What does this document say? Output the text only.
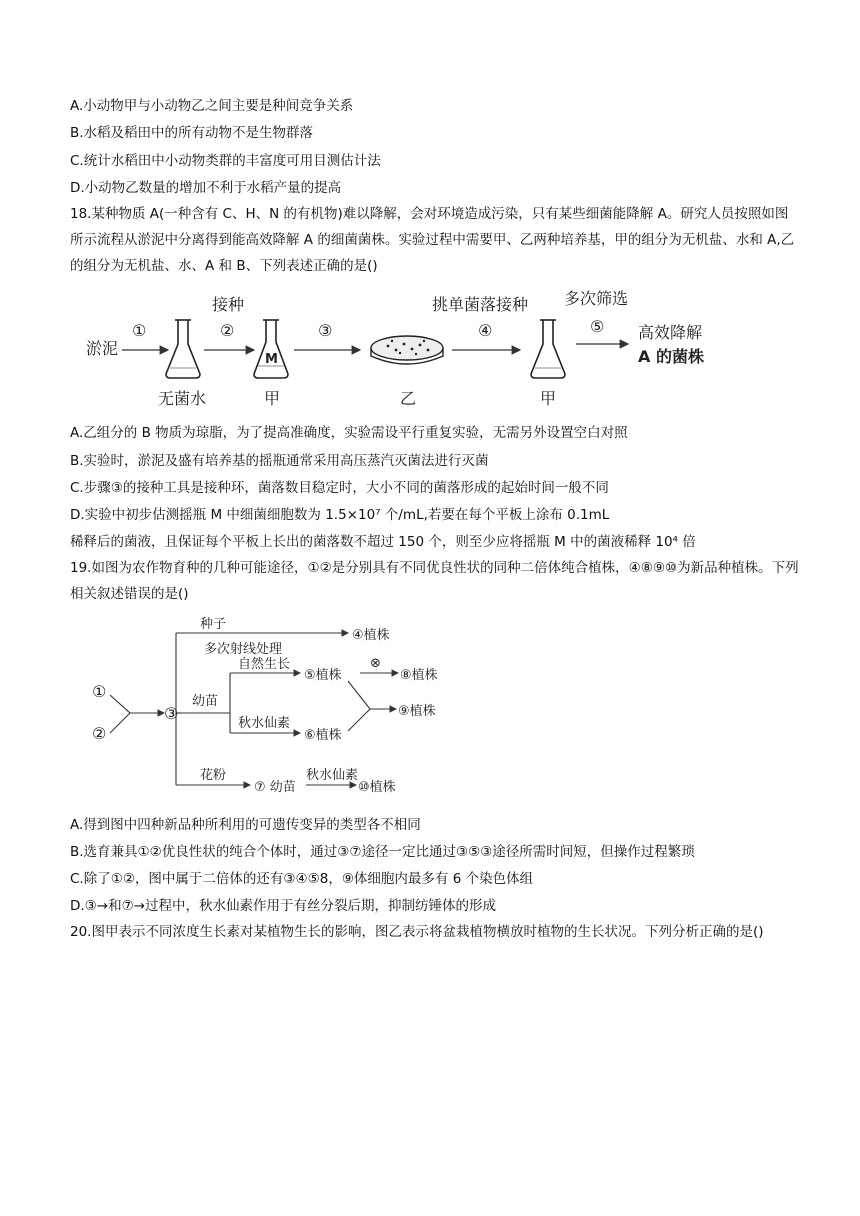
A.小动物甲与小动物乙之间主要是种间竞争关系
B.水稻及稻田中的所有动物不是生物群落
C.统计水稻田中小动物类群的丰富度可用目测估计法
D.小动物乙数量的增加不利于水稻产量的提高
18.某种物质 A(一种含有 C、H、N 的有机物)难以降解，会对环境造成污染，只有某些细菌能降解 A。研究人员按照如图所示流程从淤泥中分离得到能高效降解 A 的细菌菌株。实验过程中需要甲、乙两种培养基，甲的组分为无机盐、水和 A,乙的组分为无机盐、水、A 和 B、下列表述正确的是()
淤泥
①
无菌水
接种
②
M
甲
③
乙
挑单菌落接种
④
甲
多次筛选
⑤ 高效降解
A 的菌株
A.乙组分的 B 物质为琼脂，为了提高准确度，实验需设平行重复实验，无需另外设置空白对照
B.实验时，淤泥及盛有培养基的摇瓶通常采用高压蒸汽灭菌法进行灭菌
C.步骤③的接种工具是接种环，菌落数目稳定时，大小不同的菌落形成的起始时间一般不同
D.实验中初步估测摇瓶 M 中细菌细胞数为 1.5×10⁷ 个/mL,若要在每个平板上涂布 0.1mL
稀释后的菌液，且保证每个平板上长出的菌落数不超过 150 个，则至少应将摇瓶 M 中的菌液稀释 10⁴ 倍
19.如图为农作物育种的几种可能途径，①②是分别具有不同优良性状的同种二倍体纯合植株，④⑧⑨⑩为新品种植株。下列相关叙述错误的是()
①
②
③
种子
多次射线处理
④植株
幼苗
自然生长
⑤植株
⊗
⑧植株
秋水仙素
⑥植株
⑨植株
花粉
⑦ 幼苗
秋水仙素
⑩植株
A.得到图中四种新品种所利用的可遗传变异的类型各不相同
B.选育兼具①②优良性状的纯合个体时，通过③⑦途径一定比通过③⑤③途径所需时间短，但操作过程繁琐
C.除了①②，图中属于二倍体的还有③④⑤8，⑨体细胞内最多有 6 个染色体组
D.③→和⑦→过程中，秋水仙素作用于有丝分裂后期，抑制纺锤体的形成
20.图甲表示不同浓度生长素对某植物生长的影响，图乙表示将盆栽植物横放时植物的生长状况。下列分析正确的是()
